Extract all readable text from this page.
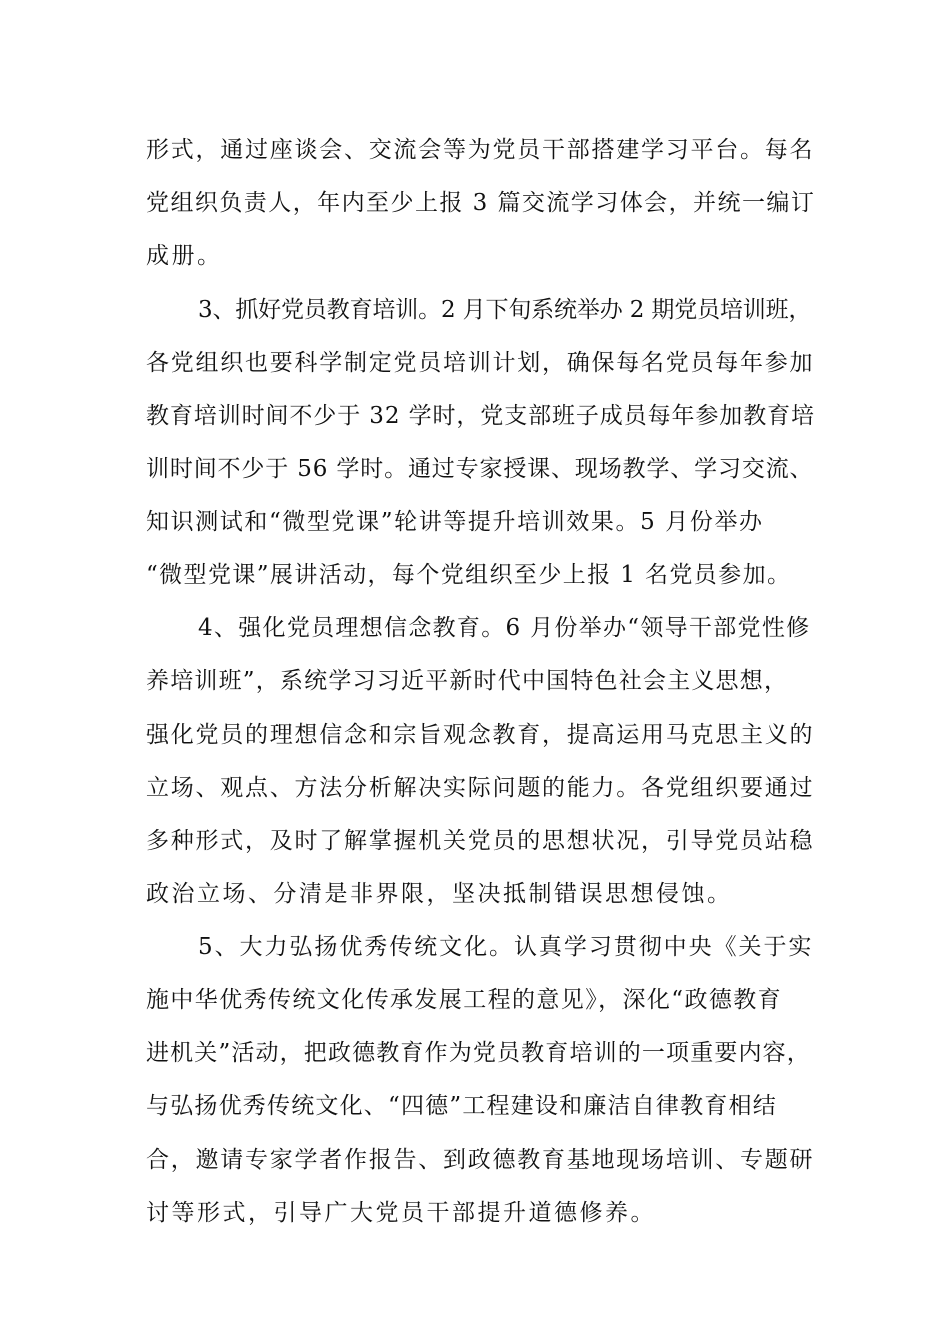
形式，通过座谈会、交流会等为党员干部搭建学习平台。每名
党组织负责人，年内至少上报 3 篇交流学习体会，并统一编订
成册。
3、抓好党员教育培训。2 月下旬系统举办 2 期党员培训班，
各党组织也要科学制定党员培训计划，确保每名党员每年参加
教育培训时间不少于 32 学时，党支部班子成员每年参加教育培
训时间不少于 56 学时。通过专家授课、现场教学、学习交流、
知识测试和“微型党课”轮讲等提升培训效果。5 月份举办
“微型党课”展讲活动，每个党组织至少上报 1 名党员参加。
4、强化党员理想信念教育。6 月份举办“领导干部党性修
养培训班”，系统学习习近平新时代中国特色社会主义思想，
强化党员的理想信念和宗旨观念教育，提高运用马克思主义的
立场、观点、方法分析解决实际问题的能力。各党组织要通过
多种形式，及时了解掌握机关党员的思想状况，引导党员站稳
政治立场、分清是非界限，坚决抵制错误思想侵蚀。
5、大力弘扬优秀传统文化。认真学习贯彻中央《关于实
施中华优秀传统文化传承发展工程的意见》，深化“政德教育
进机关”活动，把政德教育作为党员教育培训的一项重要内容，
与弘扬优秀传统文化、“四德”工程建设和廉洁自律教育相结
合，邀请专家学者作报告、到政德教育基地现场培训、专题研
讨等形式，引导广大党员干部提升道德修养。
